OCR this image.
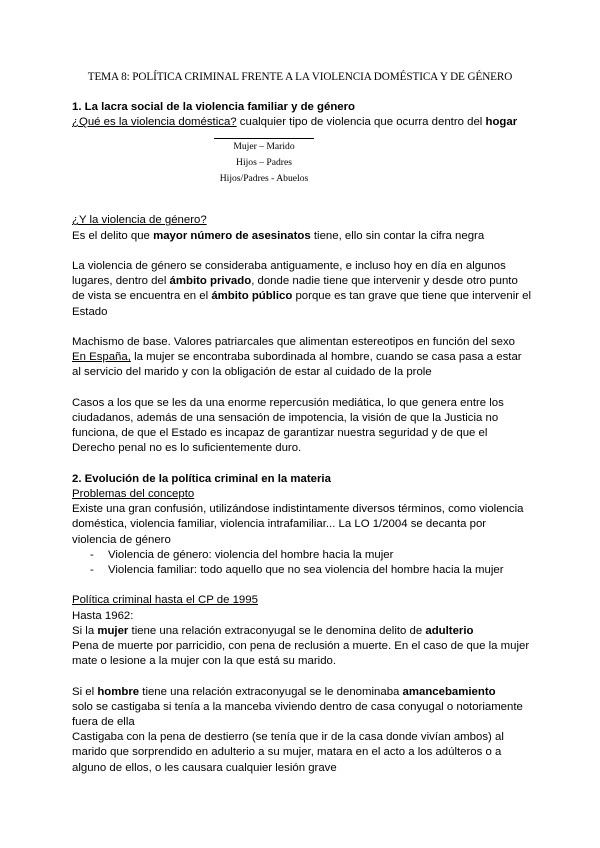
TEMA 8: POLÍTICA CRIMINAL FRENTE A LA VIOLENCIA DOMÉSTICA Y DE GÉNERO

1. La lacra social de la violencia familiar y de género

¿Qué es la violencia doméstica? cualquier tipo de violencia que ocurra dentro del hogar

Mujer – Marido
Hijos – Padres
Hijos/Padres - Abuelos

¿Y la violencia de género?

Es el delito que mayor número de asesinatos tiene, ello sin contar la cifra negra

La violencia de género se consideraba antiguamente, e incluso hoy en día en algunos lugares, dentro del ámbito privado, donde nadie tiene que intervenir y desde otro punto de vista se encuentra en el ámbito público porque es tan grave que tiene que intervenir el Estado

Machismo de base. Valores patriarcales que alimentan estereotipos en función del sexo

En España, la mujer se encontraba subordinada al hombre, cuando se casa pasa a estar al servicio del marido y con la obligación de estar al cuidado de la prole

Casos a los que se les da una enorme repercusión mediática, lo que genera entre los ciudadanos, además de una sensación de impotencia, la visión de que la Justicia no funciona, de que el Estado es incapaz de garantizar nuestra seguridad y de que el Derecho penal no es lo suficientemente duro.

2. Evolución de la política criminal en la materia

Problemas del concepto

Existe una gran confusión, utilizándose indistintamente diversos términos, como violencia doméstica, violencia familiar, violencia intrafamiliar... La LO 1/2004 se decanta por violencia de género

- Violencia de género: violencia del hombre hacia la mujer
- Violencia familiar: todo aquello que no sea violencia del hombre hacia la mujer

Política criminal hasta el CP de 1995

Hasta 1962:

Si la mujer tiene una relación extraconyugal se le denomina delito de adulterio

Pena de muerte por parricidio, con pena de reclusión a muerte. En el caso de que la mujer mate o lesione a la mujer con la que está su marido.

Si el hombre tiene una relación extraconyugal se le denominaba amancebamiento

solo se castigaba si tenía a la manceba viviendo dentro de casa conyugal o notoriamente fuera de ella

Castigaba con la pena de destierro (se tenía que ir de la casa donde vivían ambos) al marido que sorprendido en adulterio a su mujer, matara en el acto a los adúlteros o a alguno de ellos, o les causara cualquier lesión grave
